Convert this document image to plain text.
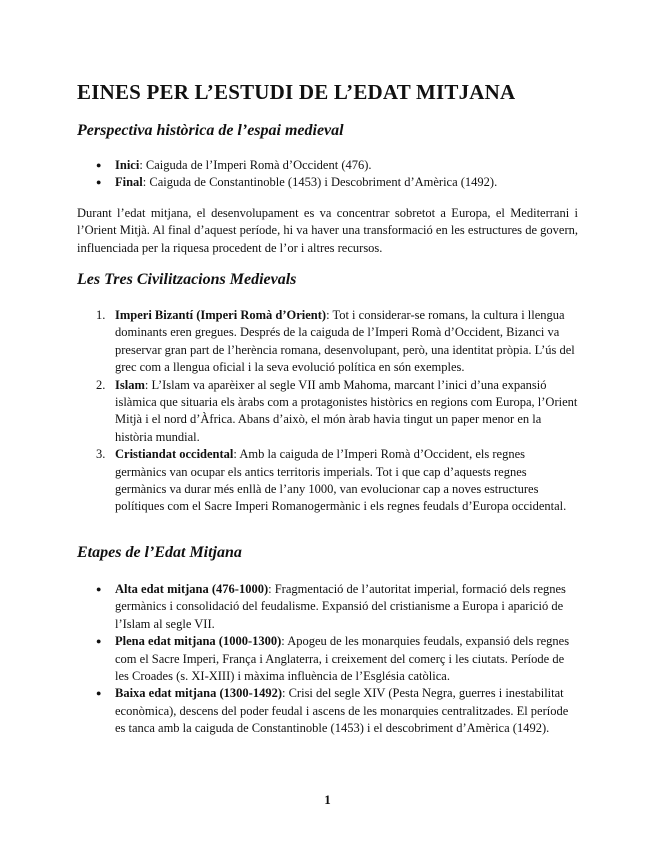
EINES PER L’ESTUDI DE L’EDAT MITJANA
Perspectiva històrica de l’espai medieval
● Inici: Caiguda de l’Imperi Romà d’Occident (476).
● Final: Caiguda de Constantinoble (1453) i Descobriment d’Amèrica (1492).

Durant l’edat mitjana, el desenvolupament es va concentrar sobretot a Europa, el Mediterrani i l’Orient Mitjà. Al final d’aquest període, hi va haver una transformació en les estructures de govern, influenciada per la riquesa procedent de l’or i altres recursos.

Les Tres Civilitzacions Medievals
1. Imperi Bizantí (Imperi Romà d’Orient): Tot i considerar-se romans, la cultura i llengua dominants eren gregues. Després de la caiguda de l’Imperi Romà d’Occident, Bizanci va preservar gran part de l’herència romana, desenvolupant, però, una identitat pròpia. L’ús del grec com a llengua oficial i la seva evolució política en són exemples.
2. Islam: L’Islam va aparèixer al segle VII amb Mahoma, marcant l’inici d’una expansió islàmica que situaria els àrabs com a protagonistes històrics en regions com Europa, l’Orient Mitjà i el nord d’Àfrica. Abans d’això, el món àrab havia tingut un paper menor en la història mundial.
3. Cristiandat occidental: Amb la caiguda de l’Imperi Romà d’Occident, els regnes germànics van ocupar els antics territoris imperials. Tot i que cap d’aquests regnes germànics va durar més enllà de l’any 1000, van evolucionar cap a noves estructures polítiques com el Sacre Imperi Romanogermànic i els regnes feudals d’Europa occidental.
Etapes de l’Edat Mitjana
● Alta edat mitjana (476-1000): Fragmentació de l’autoritat imperial, formació dels regnes germànics i consolidació del feudalisme. Expansió del cristianisme a Europa i aparició de l’Islam al segle VII.
● Plena edat mitjana (1000-1300): Apogeu de les monarquies feudals, expansió dels regnes com el Sacre Imperi, França i Anglaterra, i creixement del comerç i les ciutats. Període de les Croades (s. XI-XIII) i màxima influència de l’Església catòlica.
● Baixa edat mitjana (1300-1492): Crisi del segle XIV (Pesta Negra, guerres i inestabilitat econòmica), descens del poder feudal i ascens de les monarquies centralitzades. El període es tanca amb la caiguda de Constantinoble (1453) i el descobriment d’Amèrica (1492).
1
